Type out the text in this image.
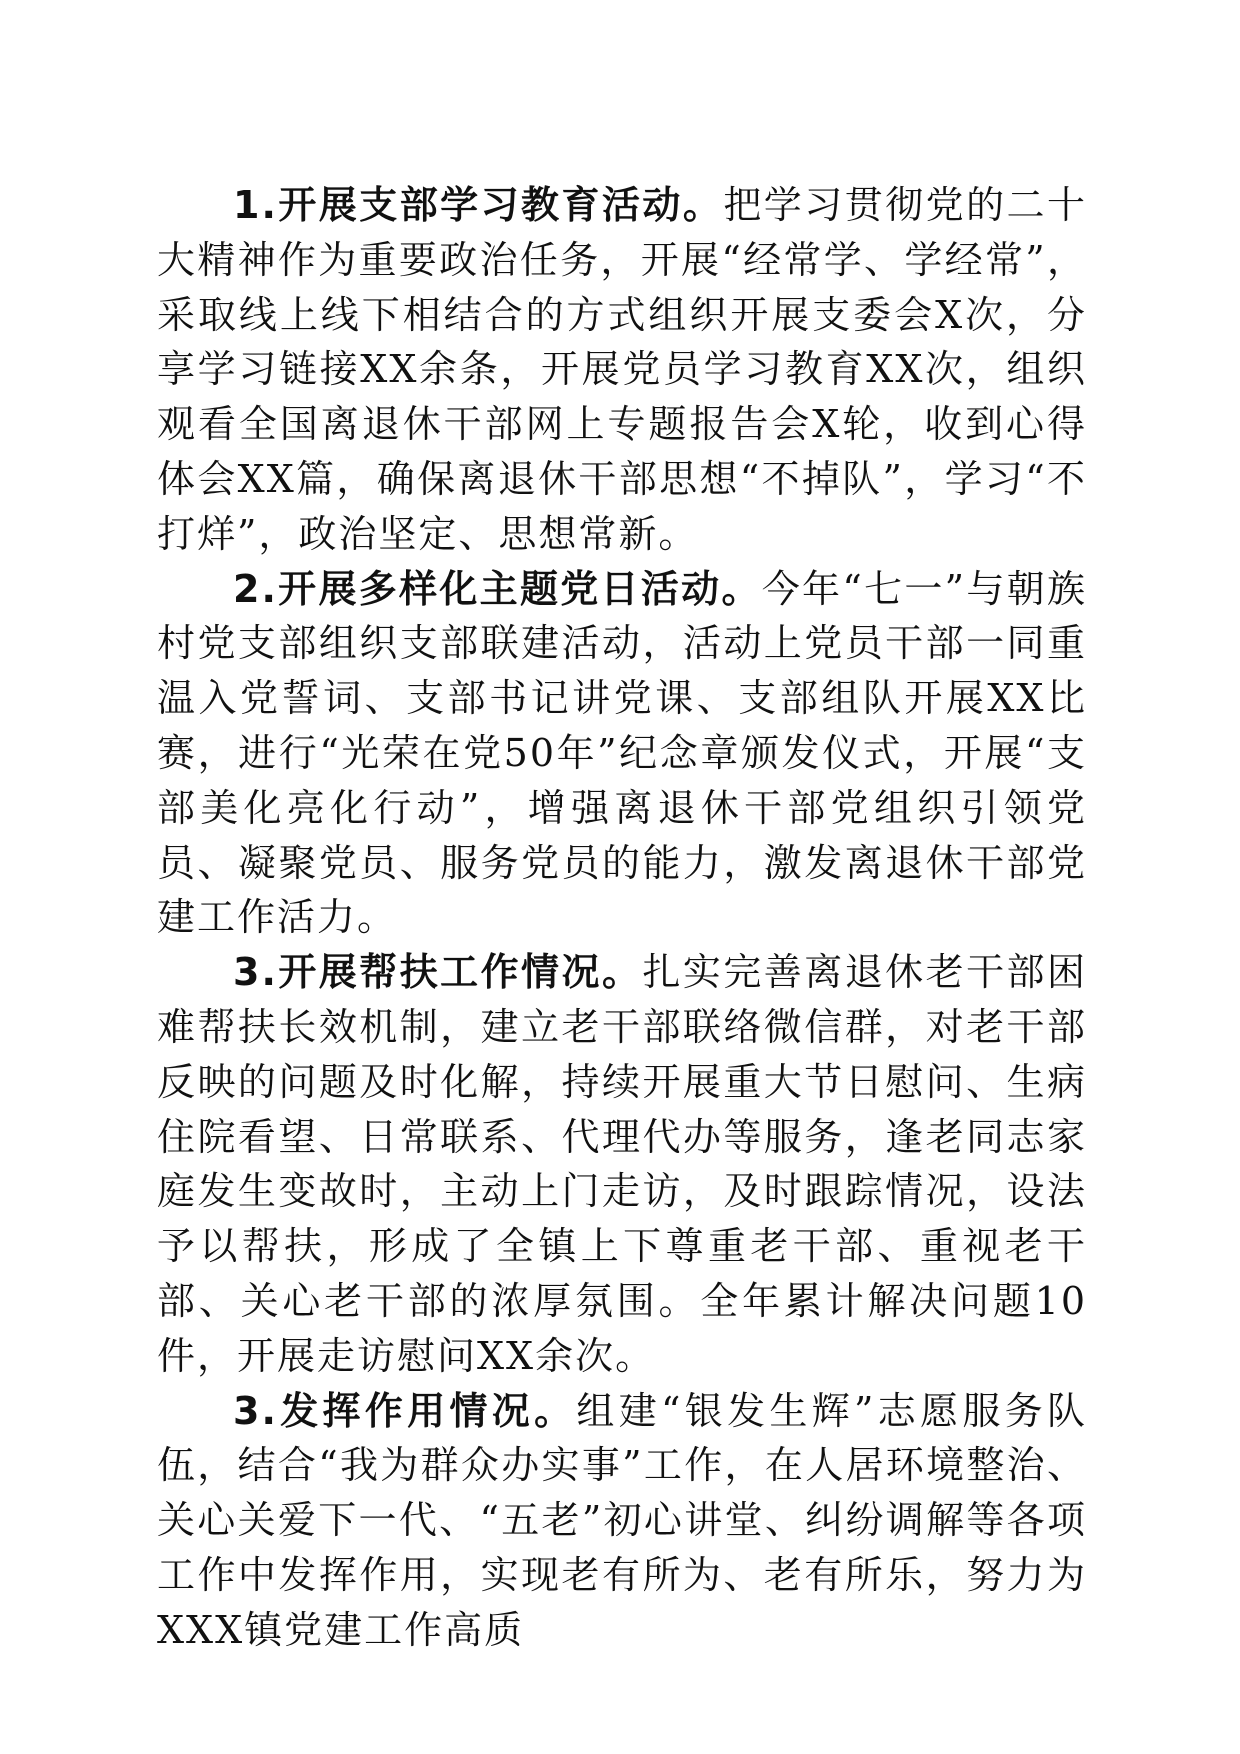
1.开展支部学习教育活动。把学习贯彻党的二十大精神作为重要政治任务，开展“经常学、学经常”，采取线上线下相结合的方式组织开展支委会X次，分享学习链接XX余条，开展党员学习教育XX次，组织观看全国离退休干部网上专题报告会X轮，收到心得体会XX篇，确保离退休干部思想“不掉队”，学习“不打烊”，政治坚定、思想常新。

2.开展多样化主题党日活动。今年“七一”与朝族村党支部组织支部联建活动，活动上党员干部一同重温入党誓词、支部书记讲党课、支部组队开展XX比赛，进行“光荣在党50年”纪念章颁发仪式，开展“支部美化亮化行动”，增强离退休干部党组织引领党员、凝聚党员、服务党员的能力，激发离退休干部党建工作活力。

3.开展帮扶工作情况。扎实完善离退休老干部困难帮扶长效机制，建立老干部联络微信群，对老干部反映的问题及时化解，持续开展重大节日慰问、生病住院看望、日常联系、代理代办等服务，逢老同志家庭发生变故时，主动上门走访，及时跟踪情况，设法予以帮扶，形成了全镇上下尊重老干部、重视老干部、关心老干部的浓厚氛围。全年累计解决问题10件，开展走访慰问XX余次。

3.发挥作用情况。组建“银发生辉”志愿服务队伍，结合“我为群众办实事”工作，在人居环境整治、关心关爱下一代、“五老”初心讲堂、纠纷调解等各项工作中发挥作用，实现老有所为、老有所乐，努力为XXX镇党建工作高质
